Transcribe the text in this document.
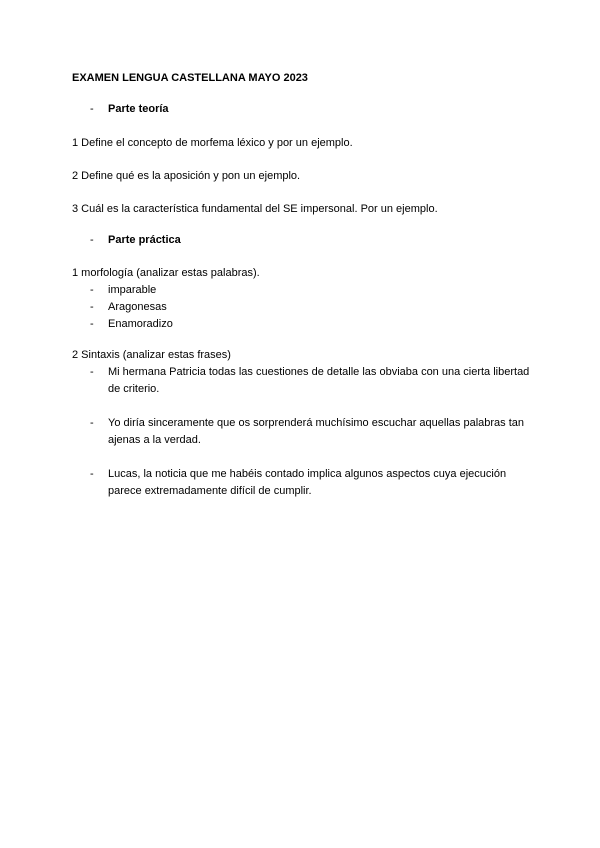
EXAMEN LENGUA CASTELLANA MAYO 2023

-	Parte teoría

1 Define el concepto de morfema léxico y por un ejemplo.

2 Define qué es la aposición y pon un ejemplo.

3 Cuál es la característica fundamental del SE impersonal. Por un ejemplo.

-	Parte práctica

1 morfología (analizar estas palabras).

-	imparable
-	Aragonesas
-	Enamoradizo

2 Sintaxis (analizar estas frases)

-	Mi hermana Patricia todas las cuestiones de detalle las obviaba con una cierta libertad de criterio.
-	Yo diría sinceramente que os sorprenderá muchísimo escuchar aquellas palabras tan ajenas a la verdad.
-	Lucas, la noticia que me habéis contado implica algunos aspectos cuya ejecución parece extremadamente difícil de cumplir.
